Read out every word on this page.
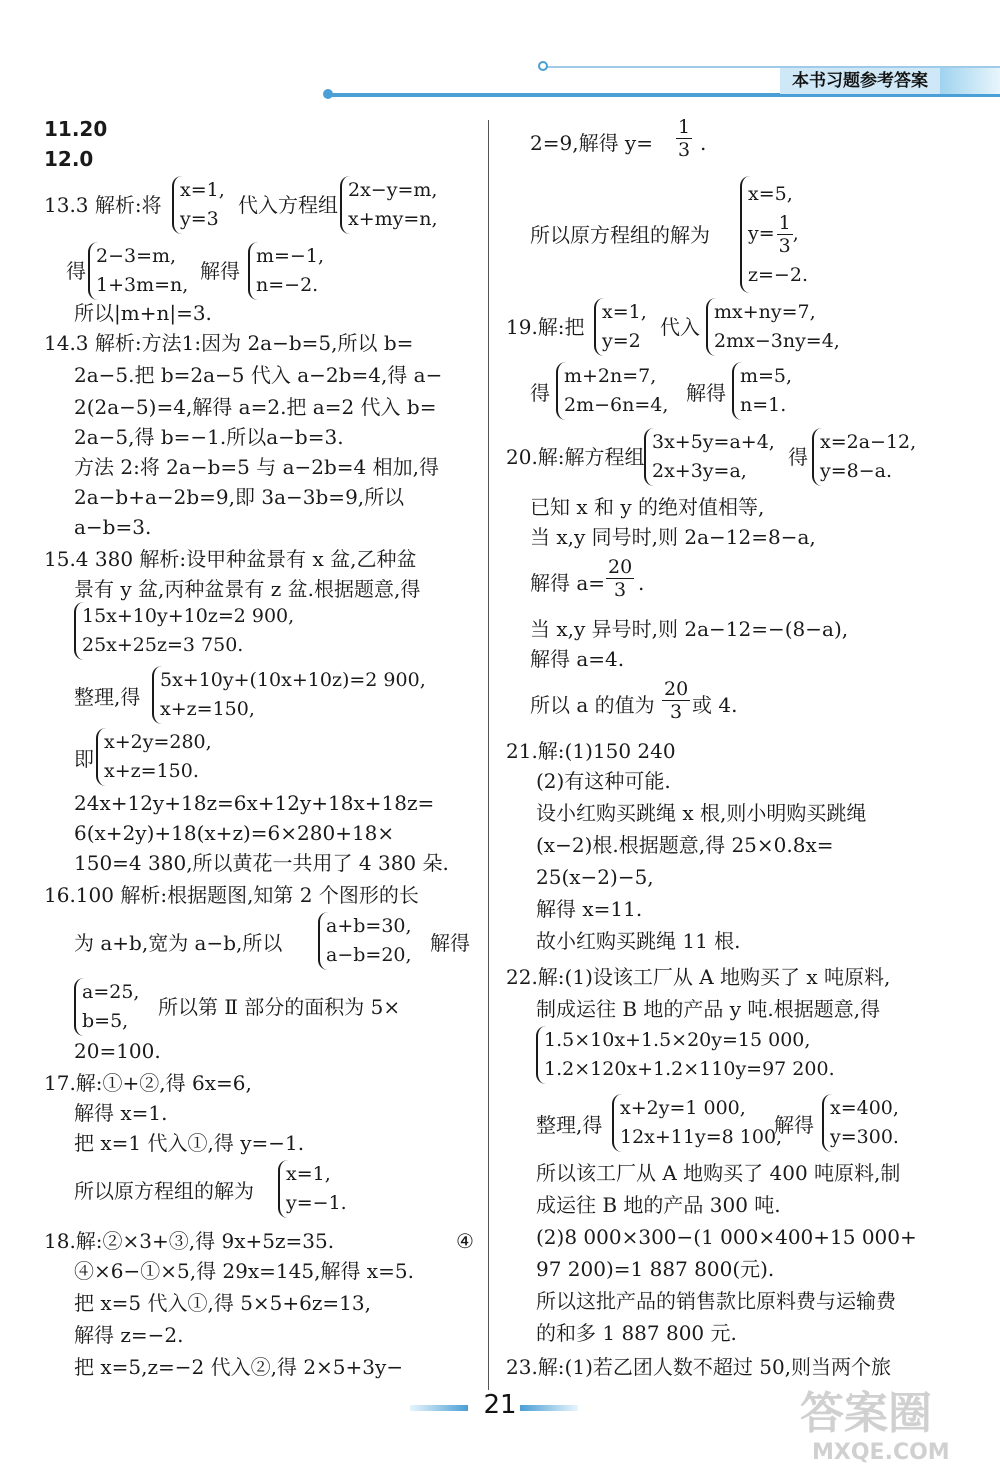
本书习题参考答案
11.20
12.0
13.3 解析:将
x=1,
y=3
代入方程组
2x−y=m,
x+my=n,
得
2−3=m,
1+3m=n,
解得
m=−1,
n=−2.
所以|m+n|=3.
14.3 解析:方法1:因为 2a−b=5,所以 b=
2a−5.把 b=2a−5 代入 a−2b=4,得 a−
2(2a−5)=4,解得 a=2.把 a=2 代入 b=
2a−5,得 b=−1.所以a−b=3.
方法 2:将 2a−b=5 与 a−2b=4 相加,得
2a−b+a−2b=9,即 3a−3b=9,所以
a−b=3.
15.4 380 解析:设甲种盆景有 x 盆,乙种盆
景有 y 盆,丙种盆景有 z 盆.根据题意,得
15x+10y+10z=2 900,
25x+25z=3 750.
整理,得
5x+10y+(10x+10z)=2 900,
x+z=150,
即
x+2y=280,
x+z=150.
24x+12y+18z=6x+12y+18x+18z=
6(x+2y)+18(x+z)=6×280+18×
150=4 380,所以黄花一共用了 4 380 朵.
16.100 解析:根据题图,知第 2 个图形的长
为 a+b,宽为 a−b,所以
a+b=30,
a−b=20, 解得
a=25,
b=5,
所以第 Ⅱ 部分的面积为 5×
20=100.
17.解:①+②,得 6x=6,
解得 x=1.
把 x=1 代入①,得 y=−1.
所以原方程组的解为
x=1,
y=−1.
18.解:②×3+③,得 9x+5z=35.	④
④×6−①×5,得 29x=145,解得 x=5.
把 x=5 代入①,得 5×5+6z=13,
解得 z=−2.
把 x=5,z=−2 代入②,得 2×5+3y−
2=9,解得 $y= \frac{1}{3}$ .
所以原方程组的解为
x=5,
$y= \frac{1}{3}$,
z=−2.
19.解:把
x=1,
y=2
代入
mx+ny=7,
2mx−3ny=4,
得
m+2n=7,
2m−6n=4, 解得
m=5,
n=1.
20.解:解方程组
3x+5y=a+4,
2x+3y=a,
得
x=2a−12,
y=8−a.
已知 x 和 y 的绝对值相等,
当 x,y 同号时,则 2a−12=8−a,
解得 $a= \frac{20}{3}$ .
当 x,y 异号时,则 2a−12=−(8−a),
解得 a=4.
所以 a 的值为 $\frac{20}{3}$ 或 4.
21.解:(1)150 240
(2)有这种可能.
设小红购买跳绳 x 根,则小明购买跳绳
(x−2)根.根据题意,得 25×0.8x=
25(x−2)−5,
解得 x=11.
故小红购买跳绳 11 根.
22.解:(1)设该工厂从 A 地购买了 x 吨原料,
制成运往 B 地的产品 y 吨.根据题意,得
1.5×10x+1.5×20y=15 000,
1.2×120x+1.2×110y=97 200.
整理,得
x+2y=1 000,
12x+11y=8 100,
解得
x=400,
y=300.
所以该工厂从 A 地购买了 400 吨原料,制
成运往 B 地的产品 300 吨.
(2)8 000×300−(1 000×400+15 000+
97 200)=1 887 800(元).
所以这批产品的销售款比原料费与运输费
的和多 1 887 800 元.
23.解:(1)若乙团人数不超过 50,则当两个旅
21	答案圈
MXQE.COM
